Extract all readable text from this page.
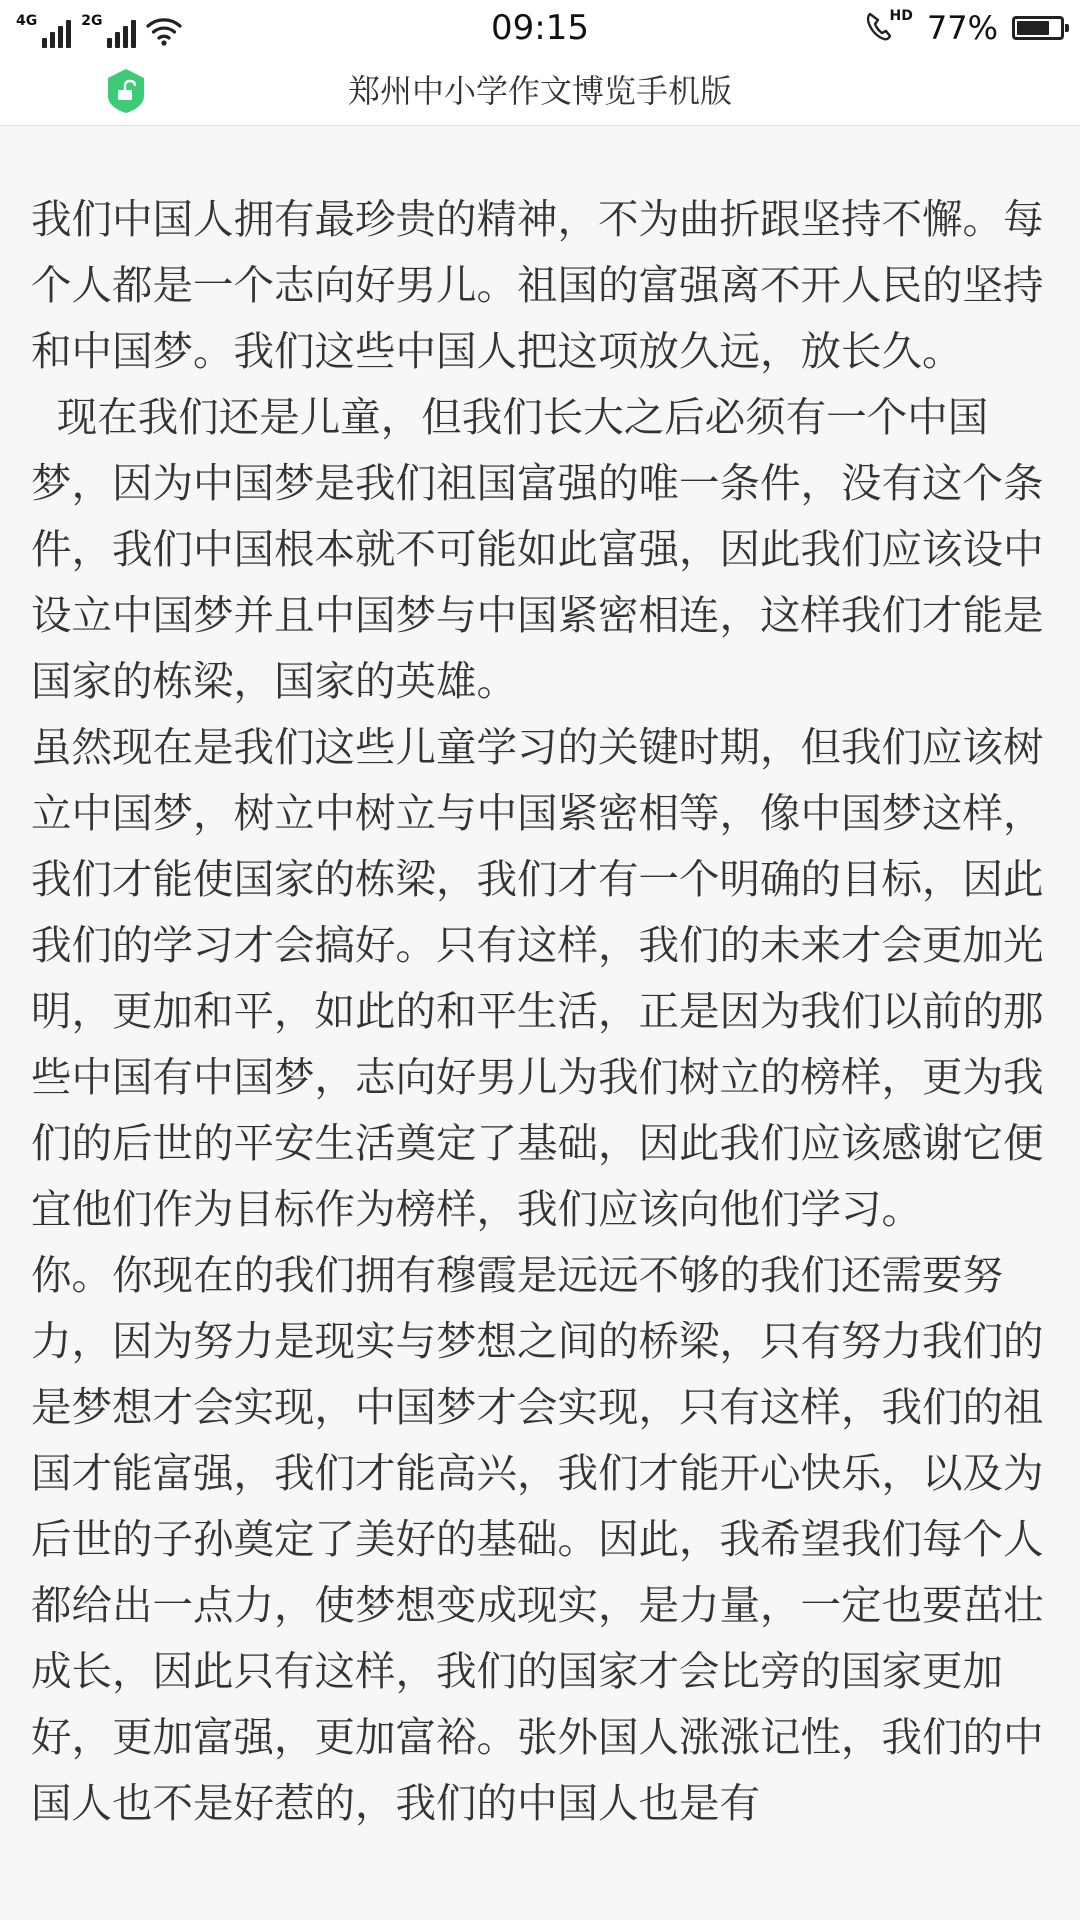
4G	2G	09:15	HD 77%
郑州中小学作文博览手机版

我们中国人拥有最珍贵的精神，不为曲折跟坚持不懈。每个人都是一个志向好男儿。祖国的富强离不开人民的坚持和中国梦。我们这些中国人把这项放久远，放长久。

现在我们还是儿童，但我们长大之后必须有一个中国梦，因为中国梦是我们祖国富强的唯一条件，没有这个条件，我们中国根本就不可能如此富强，因此我们应该设中设立中国梦并且中国梦与中国紧密相连，这样我们才能是国家的栋梁，国家的英雄。

虽然现在是我们这些儿童学习的关键时期，但我们应该树立中国梦，树立中树立与中国紧密相等，像中国梦这样，我们才能使国家的栋梁，我们才有一个明确的目标，因此我们的学习才会搞好。只有这样，我们的未来才会更加光明，更加和平，如此的和平生活，正是因为我们以前的那些中国有中国梦，志向好男儿为我们树立的榜样，更为我们的后世的平安生活奠定了基础，因此我们应该感谢它便宜他们作为目标作为榜样，我们应该向他们学习。

你。你现在的我们拥有穆霞是远远不够的我们还需要努力，因为努力是现实与梦想之间的桥梁，只有努力我们的是梦想才会实现，中国梦才会实现，只有这样，我们的祖国才能富强，我们才能高兴，我们才能开心快乐，以及为后世的子孙奠定了美好的基础。因此，我希望我们每个人都给出一点力，使梦想变成现实，是力量，一定也要茁壮成长，因此只有这样，我们的国家才会比旁的国家更加好，更加富强，更加富裕。张外国人涨涨记性，我们的中国人也不是好惹的，我们的中国人也是有
